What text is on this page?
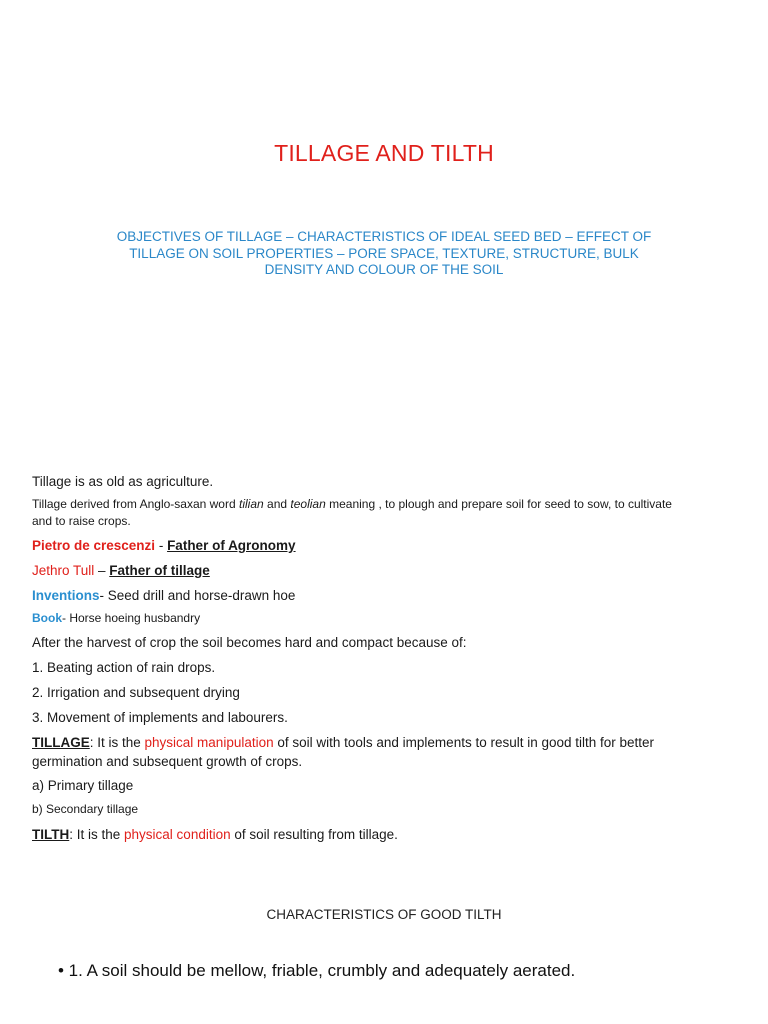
TILLAGE AND TILTH
OBJECTIVES OF TILLAGE – CHARACTERISTICS OF IDEAL SEED BED – EFFECT OF TILLAGE ON SOIL PROPERTIES – PORE SPACE, TEXTURE, STRUCTURE, BULK DENSITY AND COLOUR OF THE SOIL
Tillage is as old as agriculture.
Tillage derived from Anglo-saxan word tilian and teolian meaning , to plough and prepare soil for seed to sow, to cultivate and to raise crops.
Pietro de crescenzi - Father of Agronomy
Jethro Tull – Father of tillage
Inventions- Seed drill and horse-drawn hoe
Book- Horse hoeing husbandry
After the harvest of crop the soil becomes hard and compact because of:
1. Beating action of rain drops.
2. Irrigation and subsequent drying
3. Movement of implements and labourers.
TILLAGE: It is the physical manipulation of soil with tools and implements to result in good tilth for better germination and subsequent growth of crops.
a) Primary tillage
b) Secondary tillage
TILTH: It is the physical condition of soil resulting from tillage.
CHARACTERISTICS OF GOOD TILTH
• 1. A soil should be mellow, friable, crumbly and adequately aerated.
